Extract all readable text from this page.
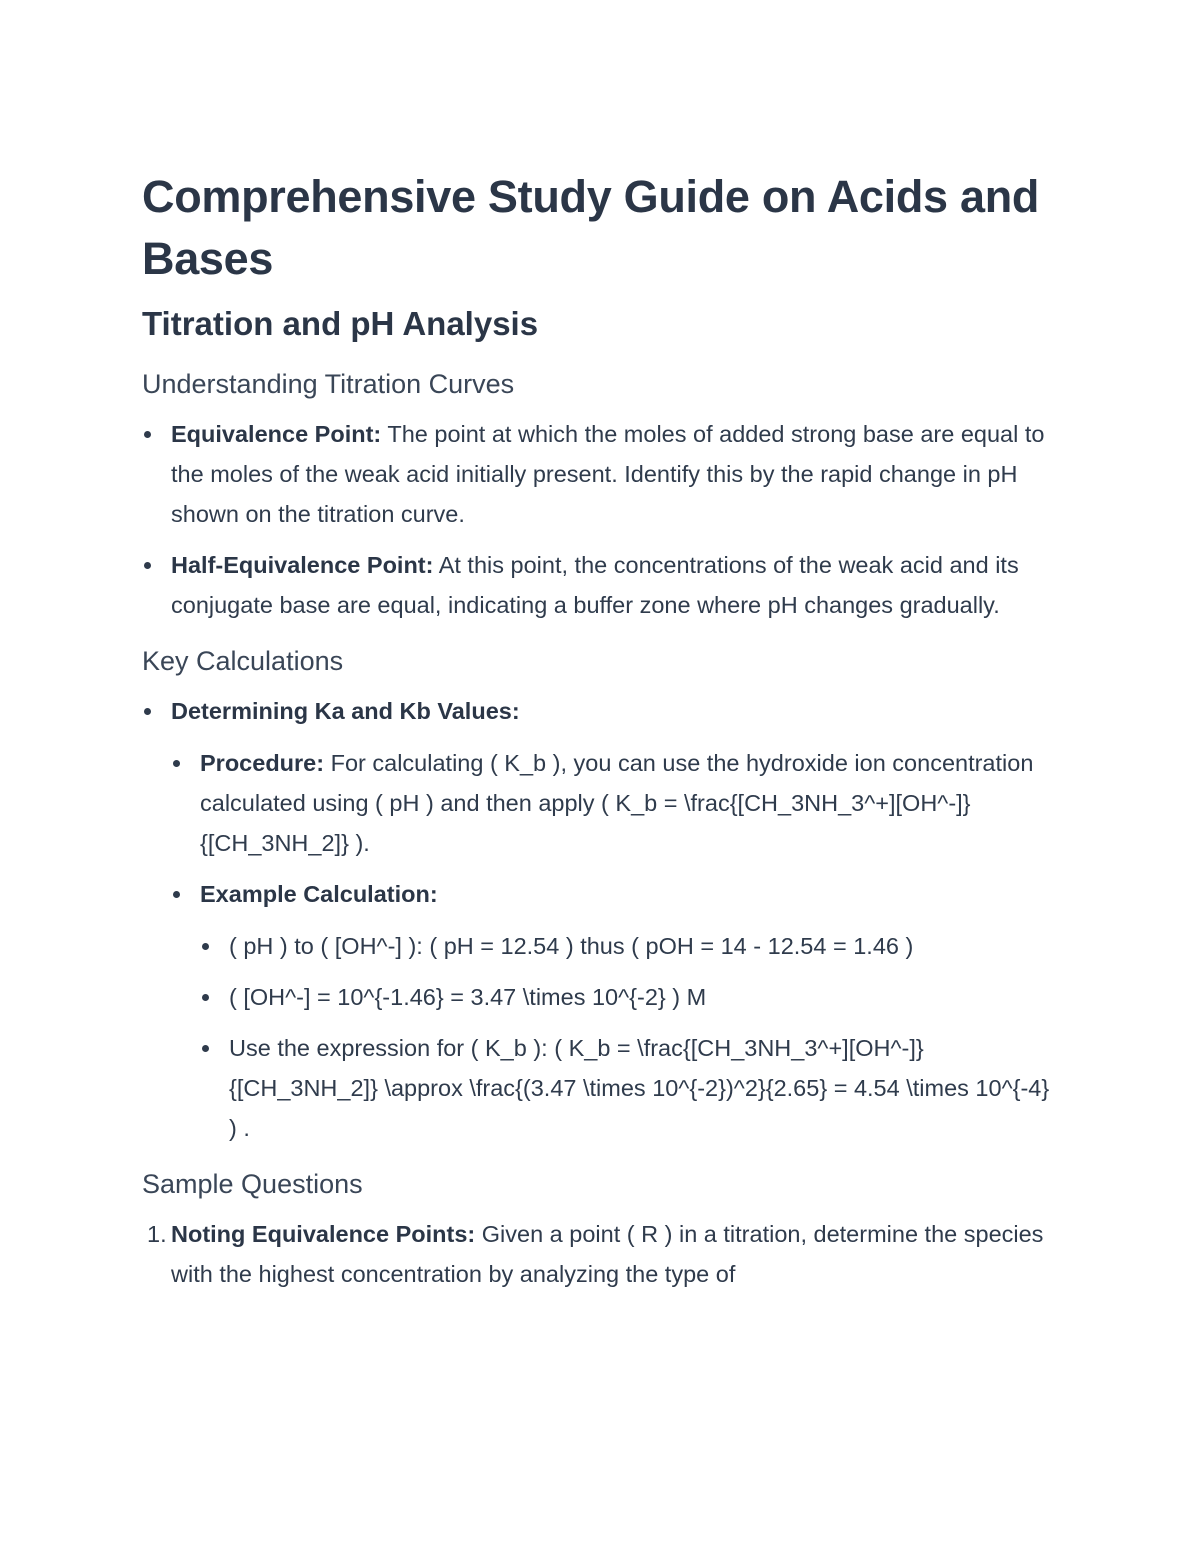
Comprehensive Study Guide on Acids and Bases
Titration and pH Analysis
Understanding Titration Curves
Equivalence Point: The point at which the moles of added strong base are equal to the moles of the weak acid initially present. Identify this by the rapid change in pH shown on the titration curve.
Half-Equivalence Point: At this point, the concentrations of the weak acid and its conjugate base are equal, indicating a buffer zone where pH changes gradually.
Key Calculations
Determining Ka and Kb Values:
Procedure: For calculating ( K_b ), you can use the hydroxide ion concentration calculated using ( pH ) and then apply ( K_b = \frac{[CH_3NH_3^+][OH^-]}{[CH_3NH_2]} ).
Example Calculation:
( pH ) to ( [OH^-] ): ( pH = 12.54 ) thus ( pOH = 14 - 12.54 = 1.46 )
( [OH^-] = 10^{-1.46} = 3.47 \times 10^{-2} ) M
Use the expression for ( K_b ): ( K_b = \frac{[CH_3NH_3^+][OH^-]}{[CH_3NH_2]} \approx \frac{(3.47 \times 10^{-2})^2}{2.65} = 4.54 \times 10^{-4} ) .
Sample Questions
1. Noting Equivalence Points: Given a point ( R ) in a titration, determine the species with the highest concentration by analyzing the type of
